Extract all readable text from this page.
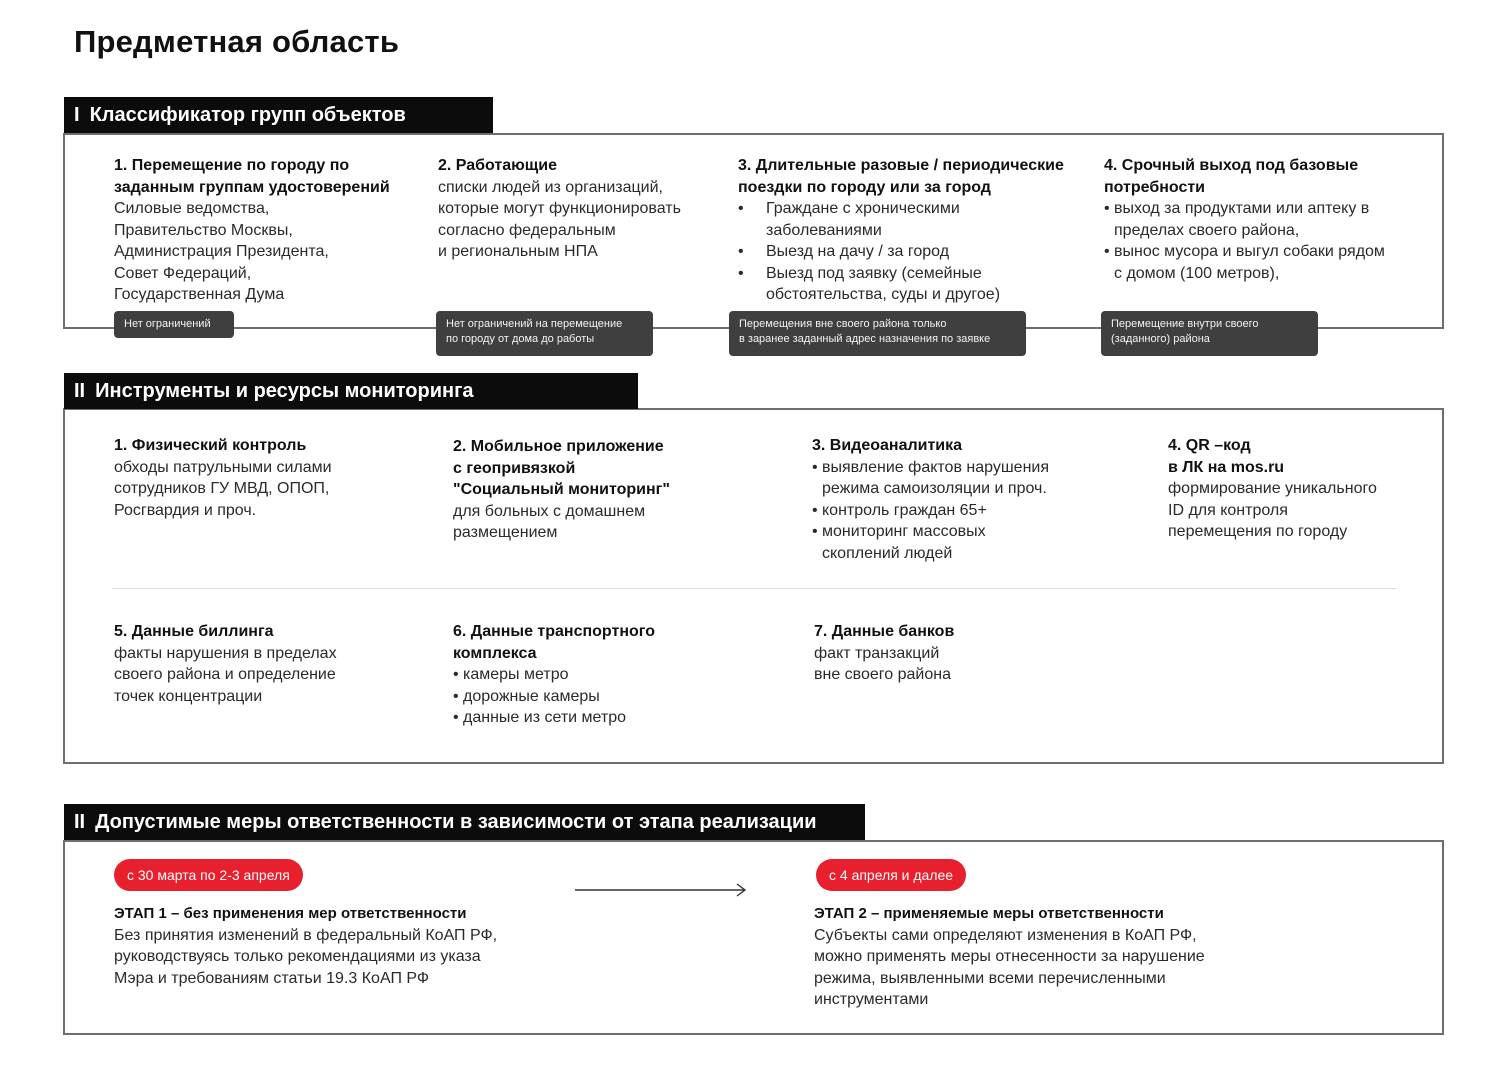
Предметная область
I Классификатор групп объектов
1. Перемещение по городу по
заданным группам удостоверений
Силовые ведомства,
Правительство Москвы,
Администрация Президента,
Совет Федераций,
Государственная Дума
2. Работающие
списки людей из организаций,
которые могут функционировать
согласно федеральным
и региональным НПА
3. Длительные разовые / периодические
поездки по городу или за город
• Граждане с хроническими
заболеваниями
• Выезд на дачу / за город
• Выезд под заявку (семейные
обстоятельства, суды и другое)
4. Срочный выход под базовые
потребности
• выход за продуктами или аптеку в
пределах своего района,
• вынос мусора и выгул собаки рядом
с домом (100 метров),
Нет ограничений	Нет ограничений на перемещение
по городу от дома до работы
Перемещения вне своего района только
в заранее заданный адрес назначения по заявке
Перемещение внутри своего
(заданного) района
II Инструменты и ресурсы мониторинга
1. Физический контроль
обходы патрульными силами
сотрудников ГУ МВД, ОПОП,
Росгвардия и проч.
2. Мобильное приложение
с геопривязкой
"Социальный мониторинг"
для больных с домашнем
размещением
3. Видеоаналитика
• выявление фактов нарушения
режима самоизоляции и проч.
• контроль граждан 65+
• мониторинг массовых
скоплений людей
4. QR –код
в ЛК на mos.ru
формирование уникального
ID для контроля
перемещения по городу
5. Данные биллинга
факты нарушения в пределах
своего района и определение
точек концентрации
6. Данные транспортного
комплекса
• камеры метро
• дорожные камеры
• данные из сети метро
7. Данные банков
факт транзакций
вне своего района
II Допустимые меры ответственности в зависимости от этапа реализации
с 30 марта по 2-3 апреля	с 4 апреля и далее
ЭТАП 1 – без применения мер ответственности
Без принятия изменений в федеральный КоАП РФ,
руководствуясь только рекомендациями из указа
Мэра и требованиям статьи 19.3 КоАП РФ
ЭТАП 2 – применяемые меры ответственности
Субъекты сами определяют изменения в КоАП РФ,
можно применять меры отнесенности за нарушение
режима, выявленными всеми перечисленными
инструментами
